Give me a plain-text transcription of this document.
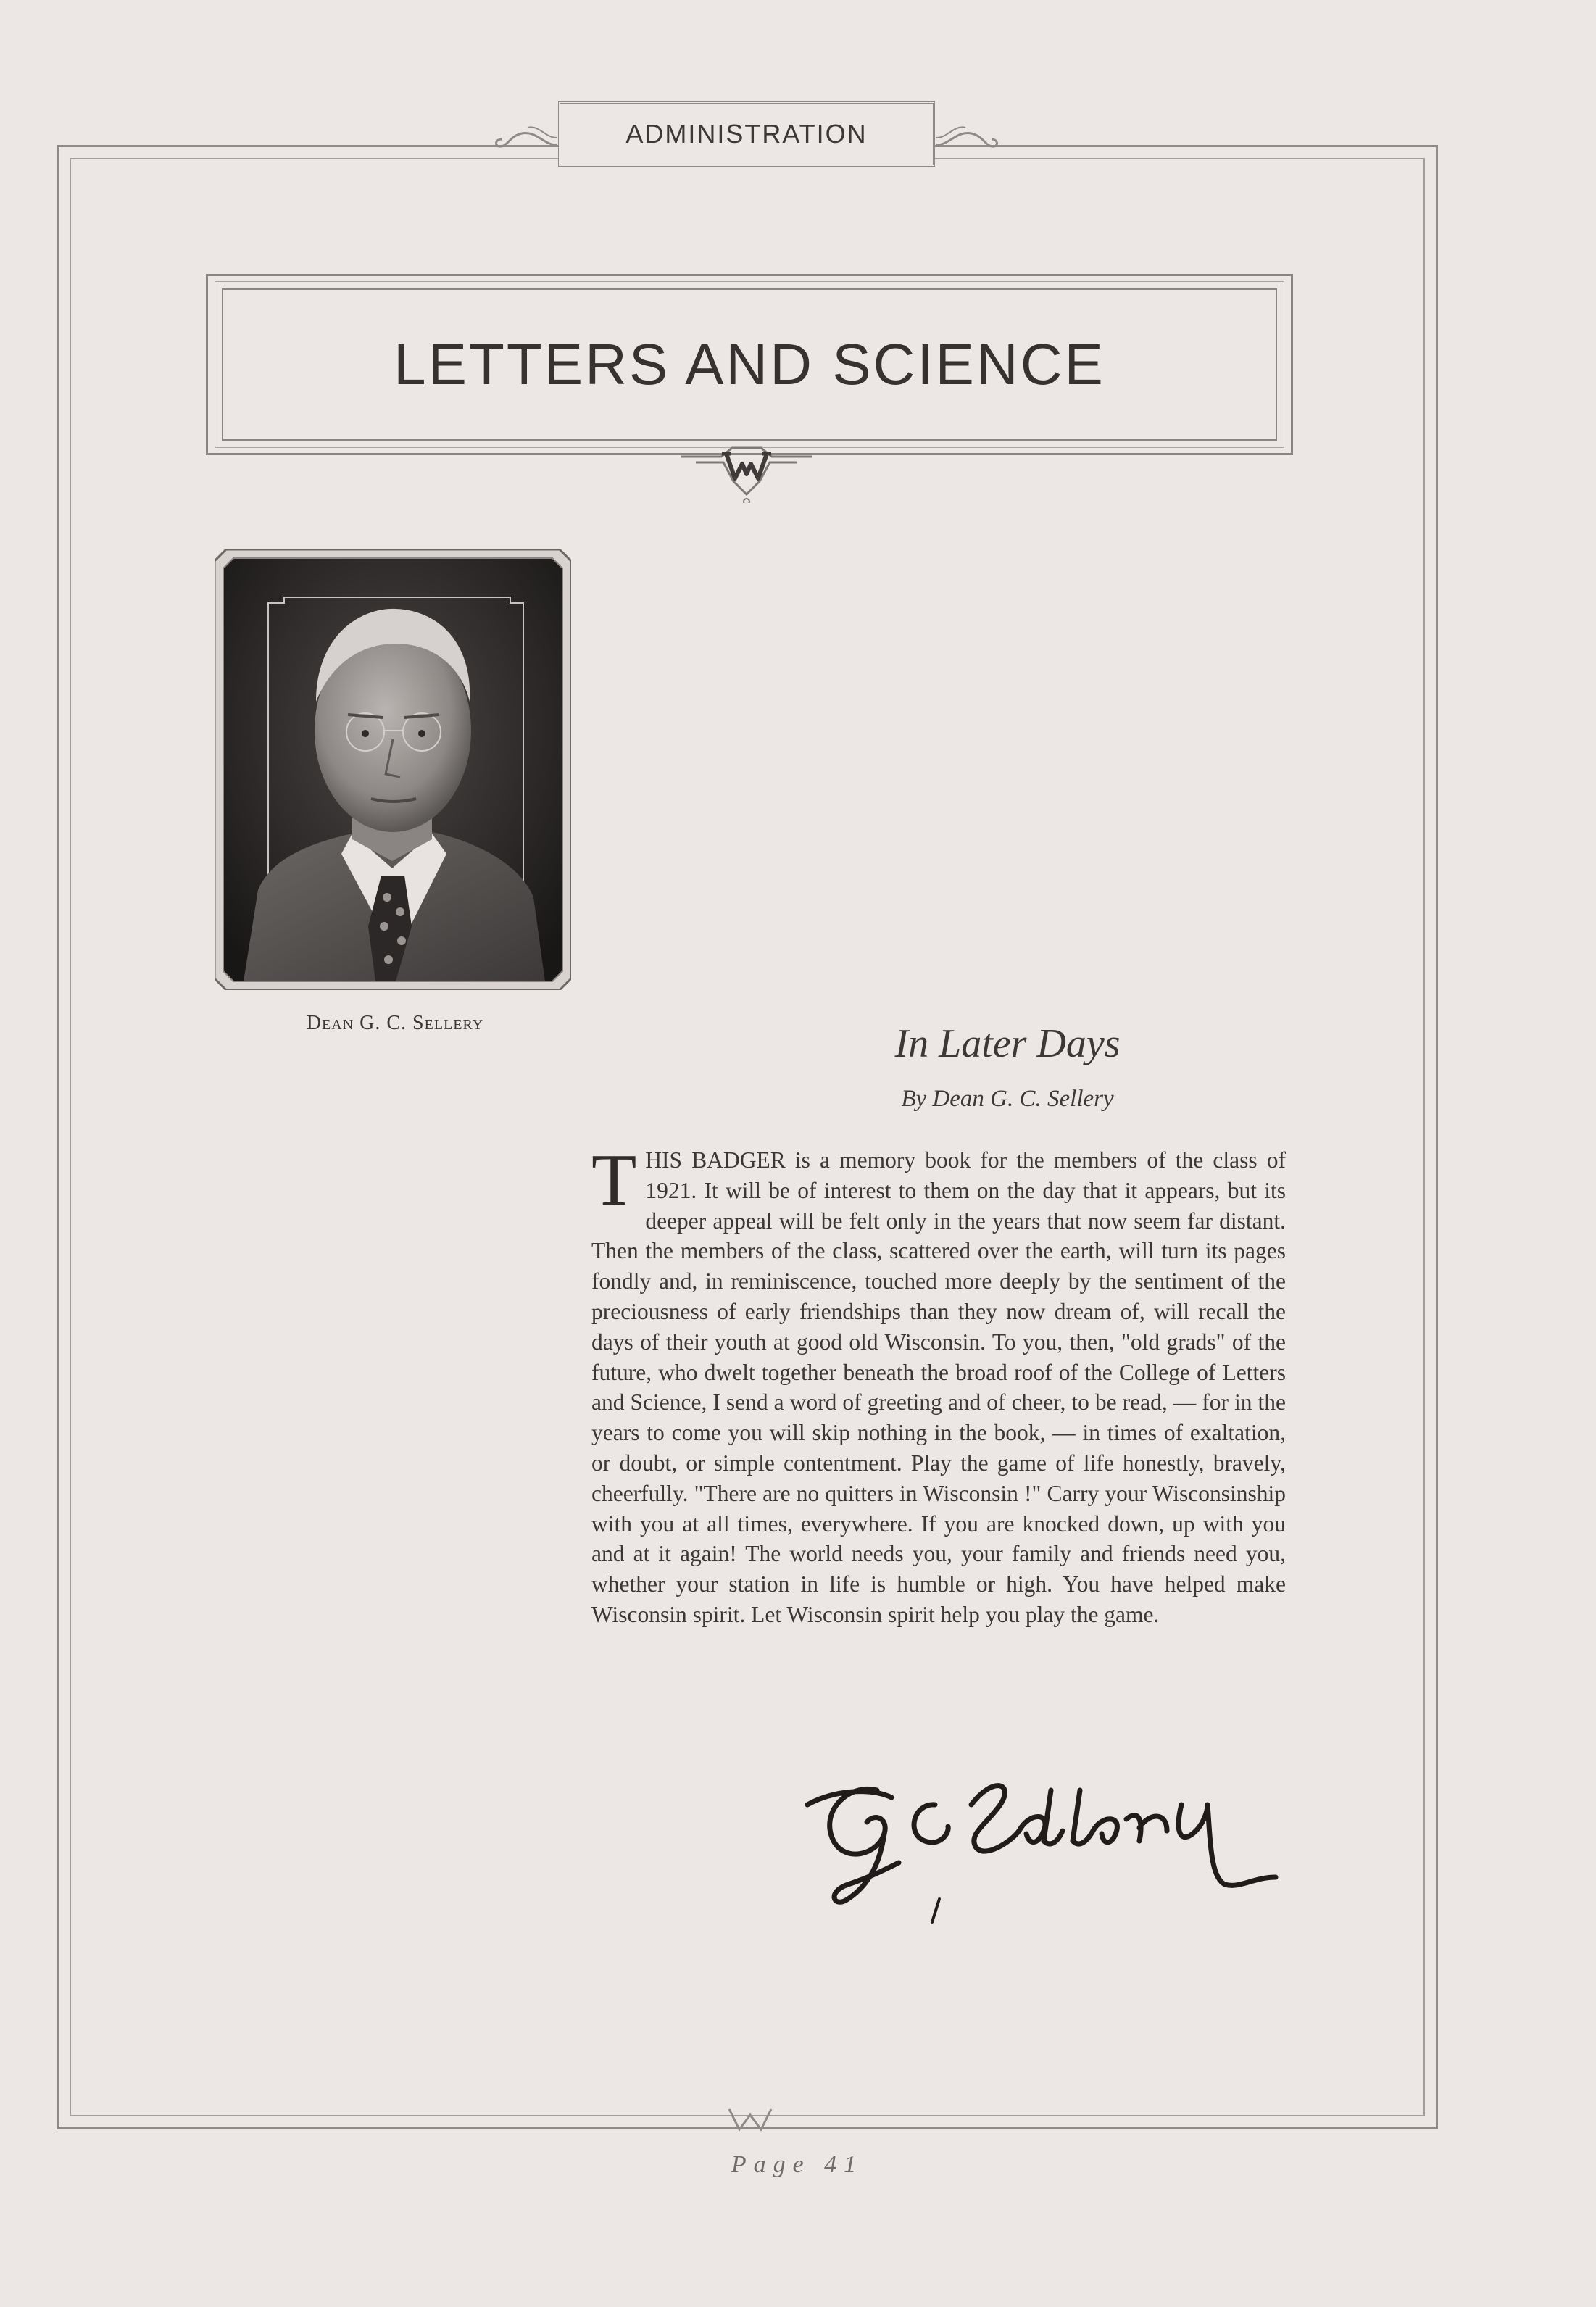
ADMINISTRATION
LETTERS AND SCIENCE
Dean G. C. Sellery	In Later Days
By Dean G. C. Sellery
THIS BADGER is a memory book for the members of the class of 1921. It will be of interest to them on the day that it appears, but its deeper appeal will be felt only in the years that now seem far distant. Then the members of the class, scattered over the earth, will turn its pages fondly and, in reminiscence, touched more deeply by the sentiment of the preciousness of early friendships than they now dream of, will recall the days of their youth at good old Wisconsin. To you, then, "old grads" of the future, who dwelt together beneath the broad roof of the College of Letters and Science, I send a word of greeting and of cheer, to be read, — for in the years to come you will skip nothing in the book, — in times of exaltation, or doubt, or simple contentment. Play the game of life honestly, bravely, cheerfully. "There are no quitters in Wisconsin !" Carry your Wisconsinship with you at all times, everywhere. If you are knocked down, up with you and at it again! The world needs you, your family and friends need you, whether your station in life is humble or high. You have helped make Wisconsin spirit. Let Wisconsin spirit help you play the game.
Page 41
